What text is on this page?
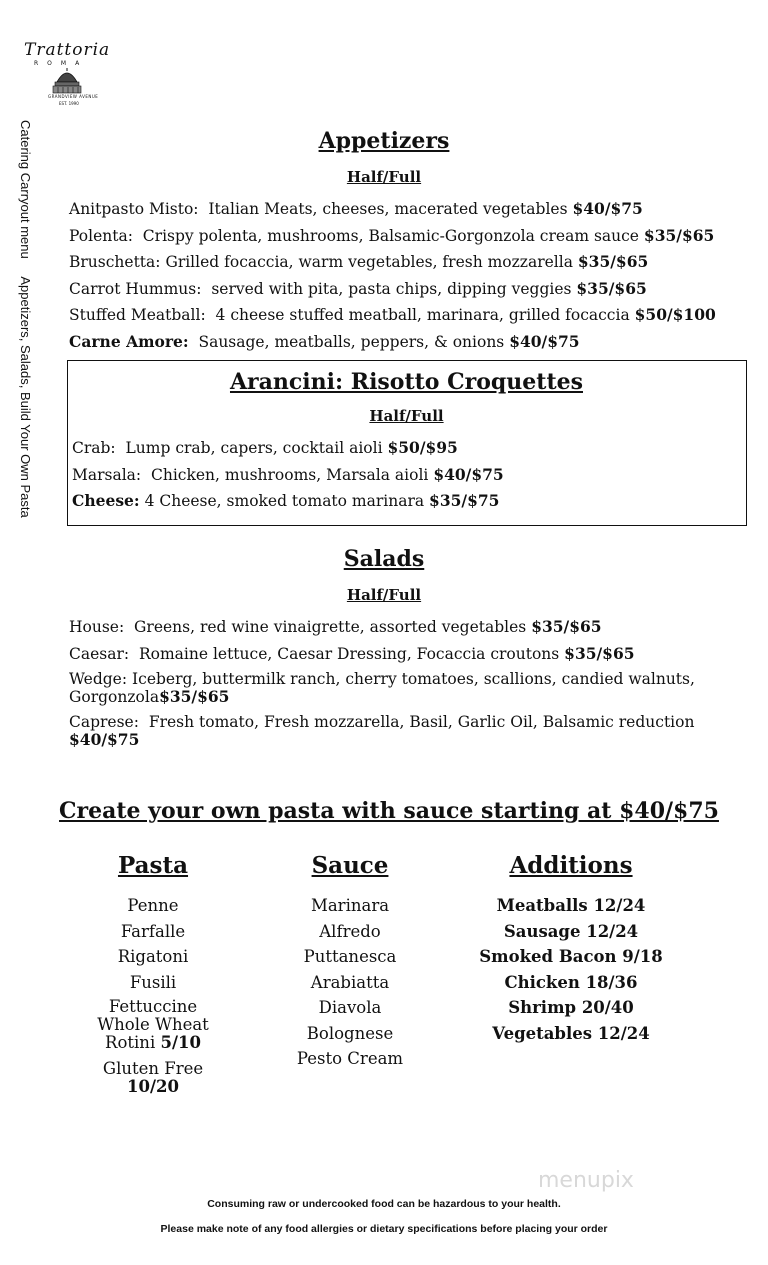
Trattoria
ROMA
GRANDVIEW AVENUE
EST. 1990
Catering Carryout menu Appetizers, Salads, Build Your Own Pasta
Appetizers
Half/Full
Anitpasto Misto: Italian Meats, cheeses, macerated vegetables $40/$75
Polenta: Crispy polenta, mushrooms, Balsamic-Gorgonzola cream sauce $35/$65
Bruschetta: Grilled focaccia, warm vegetables, fresh mozzarella $35/$65
Carrot Hummus: served with pita, pasta chips, dipping veggies $35/$65
Stuffed Meatball: 4 cheese stuffed meatball, marinara, grilled focaccia $50/$100
Carne Amore: Sausage, meatballs, peppers, & onions $40/$75
Arancini: Risotto Croquettes
Half/Full
Crab: Lump crab, capers, cocktail aioli $50/$95
Marsala: Chicken, mushrooms, Marsala aioli $40/$75
Cheese: 4 Cheese, smoked tomato marinara $35/$75
Salads
Half/Full
House: Greens, red wine vinaigrette, assorted vegetables $35/$65
Caesar: Romaine lettuce, Caesar Dressing, Focaccia croutons $35/$65
Wedge: Iceberg, buttermilk ranch, cherry tomatoes, scallions, candied walnuts, Gorgonzola$35/$65
Caprese: Fresh tomato, Fresh mozzarella, Basil, Garlic Oil, Balsamic reduction $40/$75
Create your own pasta with sauce starting at $40/$75
Pasta
Penne
Farfalle
Rigatoni
Fusili
Fettuccine
Whole Wheat
Rotini 5/10
Gluten Free
10/20
Sauce
Marinara
Alfredo
Puttanesca
Arabiatta
Diavola
Bolognese
Pesto Cream
Additions
Meatballs 12/24
Sausage 12/24
Smoked Bacon 9/18
Chicken 18/36
Shrimp 20/40
Vegetables 12/24
menupix

Consuming raw or undercooked food can be hazardous to your health.

Please make note of any food allergies or dietary specifications before placing your order
